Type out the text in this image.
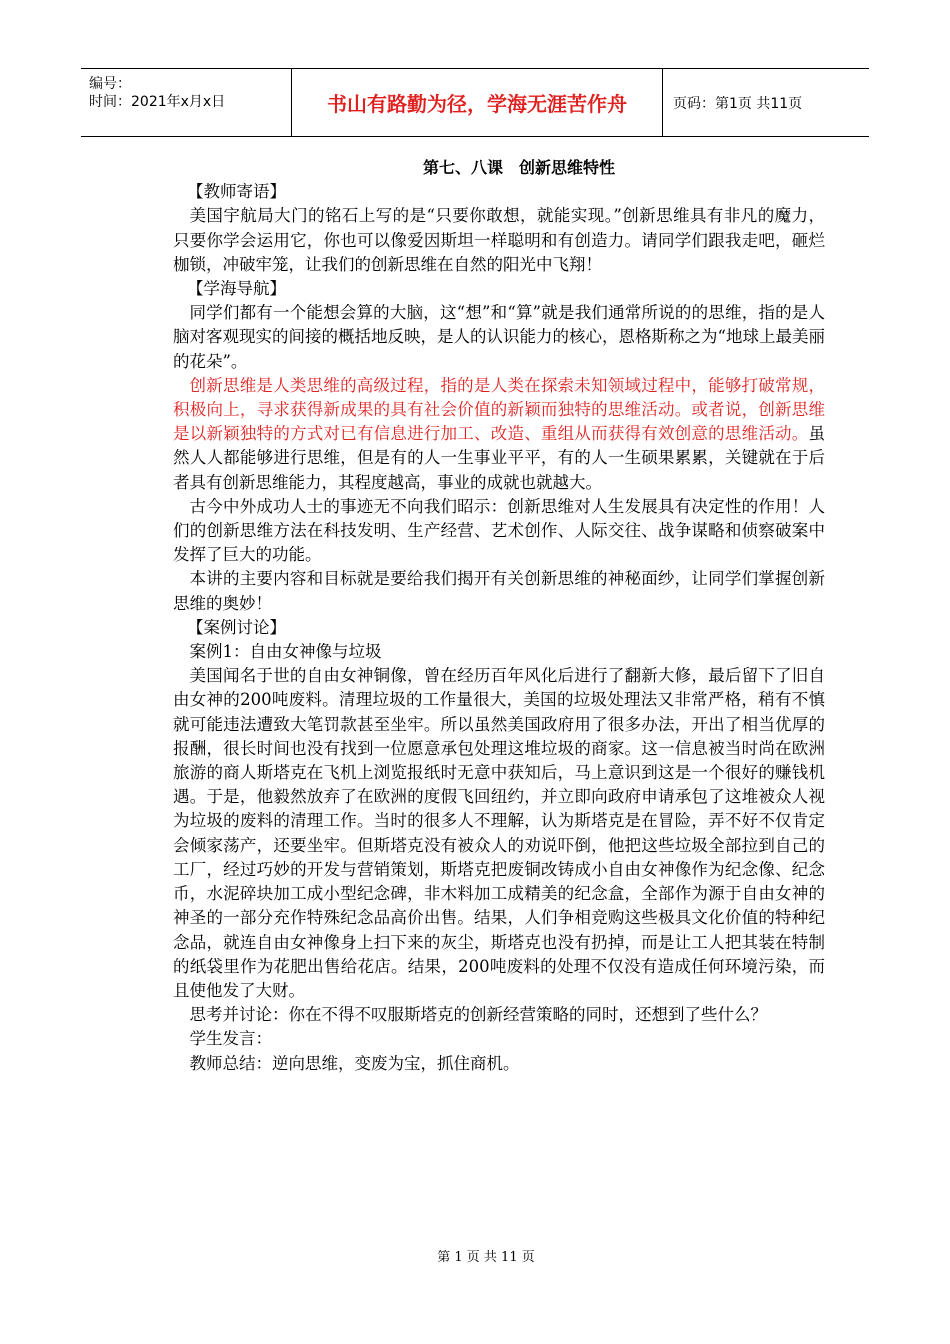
编号：
时间：2021年x月x日	书山有路勤为径，学海无涯苦作舟	页码：第1页 共11页
第七、八课　创新思维特性
【教师寄语】

美国宇航局大门的铭石上写的是“只要你敢想，就能实现。”创新思维具有非凡的魔力，只要你学会运用它，你也可以像爱因斯坦一样聪明和有创造力。请同学们跟我走吧，砸烂枷锁，冲破牢笼，让我们的创新思维在自然的阳光中飞翔！

【学海导航】

同学们都有一个能想会算的大脑，这“想”和“算”就是我们通常所说的的思维，指的是人脑对客观现实的间接的概括地反映，是人的认识能力的核心，恩格斯称之为“地球上最美丽的花朵”。

创新思维是人类思维的高级过程，指的是人类在探索未知领域过程中，能够打破常规，积极向上，寻求获得新成果的具有社会价值的新颖而独特的思维活动。或者说，创新思维是以新颖独特的方式对已有信息进行加工、改造、重组从而获得有效创意的思维活动。虽然人人都能够进行思维，但是有的人一生事业平平，有的人一生硕果累累，关键就在于后者具有创新思维能力，其程度越高，事业的成就也就越大。

古今中外成功人士的事迹无不向我们昭示：创新思维对人生发展具有决定性的作用！人们的创新思维方法在科技发明、生产经营、艺术创作、人际交往、战争谋略和侦察破案中发挥了巨大的功能。

本讲的主要内容和目标就是要给我们揭开有关创新思维的神秘面纱，让同学们掌握创新思维的奥妙！

【案例讨论】

案例1：自由女神像与垃圾

美国闻名于世的自由女神铜像，曾在经历百年风化后进行了翻新大修，最后留下了旧自由女神的200吨废料。清理垃圾的工作量很大，美国的垃圾处理法又非常严格，稍有不慎就可能违法遭致大笔罚款甚至坐牢。所以虽然美国政府用了很多办法，开出了相当优厚的报酬，很长时间也没有找到一位愿意承包处理这堆垃圾的商家。这一信息被当时尚在欧洲旅游的商人斯塔克在飞机上浏览报纸时无意中获知后，马上意识到这是一个很好的赚钱机遇。于是，他毅然放弃了在欧洲的度假飞回纽约，并立即向政府申请承包了这堆被众人视为垃圾的废料的清理工作。当时的很多人不理解，认为斯塔克是在冒险，弄不好不仅肯定会倾家荡产，还要坐牢。但斯塔克没有被众人的劝说吓倒，他把这些垃圾全部拉到自己的工厂，经过巧妙的开发与营销策划，斯塔克把废铜改铸成小自由女神像作为纪念像、纪念币，水泥碎块加工成小型纪念碑，非木料加工成精美的纪念盒，全部作为源于自由女神的神圣的一部分充作特殊纪念品高价出售。结果，人们争相竞购这些极具文化价值的特种纪念品，就连自由女神像身上扫下来的灰尘，斯塔克也没有扔掉，而是让工人把其装在特制的纸袋里作为花肥出售给花店。结果，200吨废料的处理不仅没有造成任何环境污染，而且使他发了大财。

思考并讨论：你在不得不叹服斯塔克的创新经营策略的同时，还想到了些什么？

学生发言：

教师总结：逆向思维，变废为宝，抓住商机。

第 1 页 共 11 页
